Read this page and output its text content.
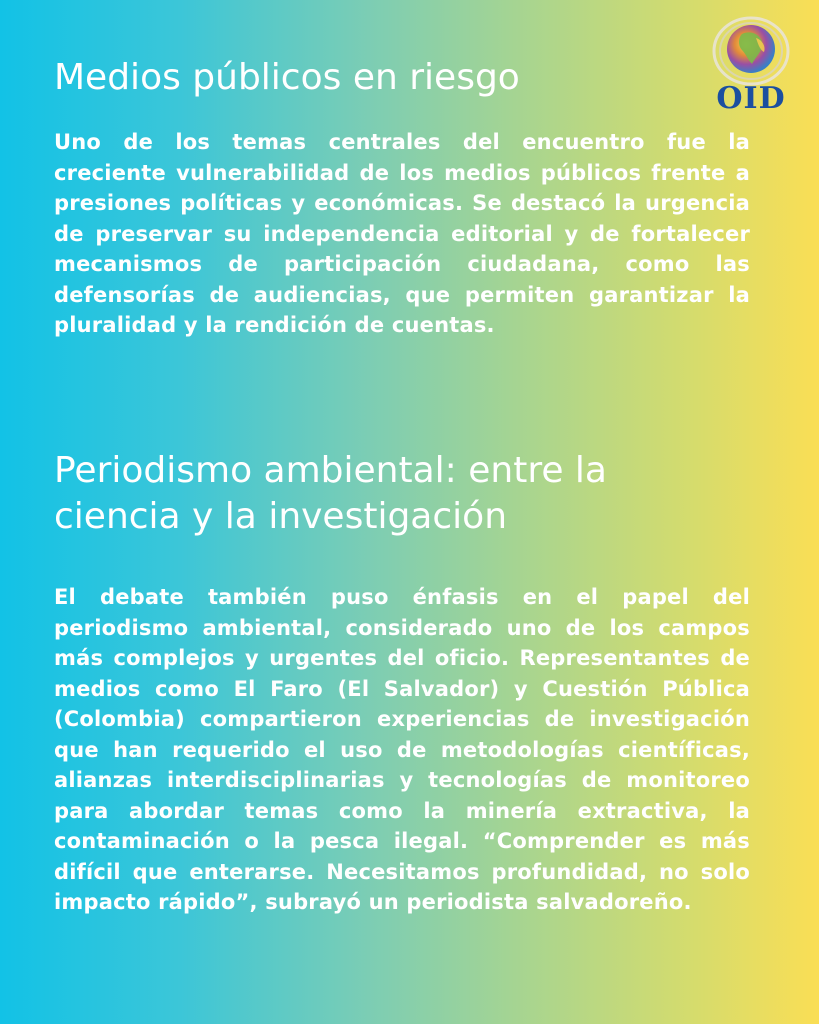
OID
Medios públicos en riesgo

Uno de los temas centrales del encuentro fue la creciente vulnerabilidad de los medios públicos frente a presiones políticas y económicas. Se destacó la urgencia de preservar su independencia editorial y de fortalecer mecanismos de participación ciudadana, como las defensorías de audiencias, que permiten garantizar la pluralidad y la rendición de cuentas.

Periodismo ambiental: entre la ciencia y la investigación

El debate también puso énfasis en el papel del periodismo ambiental, considerado uno de los campos más complejos y urgentes del oficio. Representantes de medios como El Faro (El Salvador) y Cuestión Pública (Colombia) compartieron experiencias de investigación que han requerido el uso de metodologías científicas, alianzas interdisciplinarias y tecnologías de monitoreo para abordar temas como la minería extractiva, la contaminación o la pesca ilegal. “Comprender es más difícil que enterarse. Necesitamos profundidad, no solo impacto rápido”, subrayó un periodista salvadoreño.
